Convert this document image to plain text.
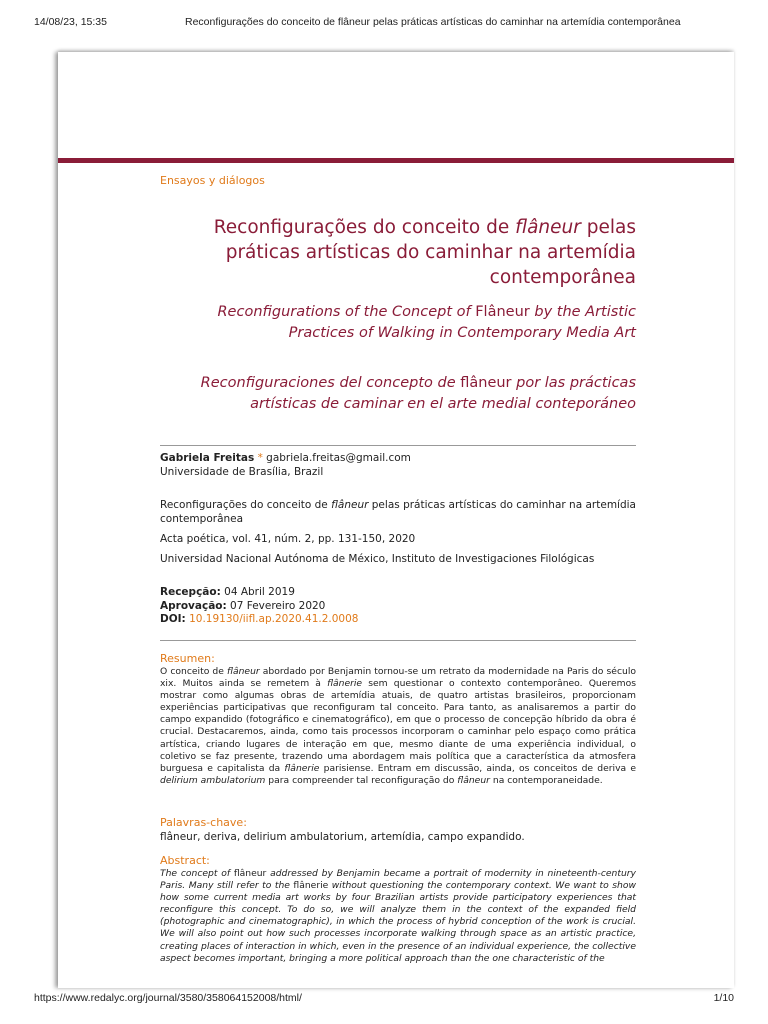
14/08/23, 15:35	Reconfigurações do conceito de flâneur pelas práticas artísticas do caminhar na artemídia contemporânea
Ensayos y diálogos
Reconfigurações do conceito de flâneur pelas práticas artísticas do caminhar na artemídia contemporânea
Reconfigurations of the Concept of Flâneur by the Artistic Practices of Walking in Contemporary Media Art
Reconfiguraciones del concepto de flâneur por las prácticas artísticas de caminar en el arte medial conteporáneo
Gabriela Freitas * gabriela.freitas@gmail.com
Universidade de Brasília, Brazil

Reconfigurações do conceito de flâneur pelas práticas artísticas do caminhar na artemídia contemporânea

Acta poética, vol. 41, núm. 2, pp. 131-150, 2020

Universidad Nacional Autónoma de México, Instituto de Investigaciones Filológicas

Recepção: 04 Abril 2019
Aprovação: 07 Fevereiro 2020
DOI: 10.19130/iifl.ap.2020.41.2.0008
Resumen:
O conceito de flâneur abordado por Benjamin tornou-se um retrato da modernidade na Paris do século xix. Muitos ainda se remetem à flânerie sem questionar o contexto contemporâneo. Queremos mostrar como algumas obras de artemídia atuais, de quatro artistas brasileiros, proporcionam experiências participativas que reconfiguram tal conceito. Para tanto, as analisaremos a partir do campo expandido (fotográfico e cinematográfico), em que o processo de concepção híbrido da obra é crucial. Destacaremos, ainda, como tais processos incorporam o caminhar pelo espaço como prática artística, criando lugares de interação em que, mesmo diante de uma experiência individual, o coletivo se faz presente, trazendo uma abordagem mais política que a característica da atmosfera burguesa e capitalista da flânerie parisiense. Entram em discussão, ainda, os conceitos de deriva e delirium ambulatorium para compreender tal reconfiguração do flâneur na contemporaneidade.
Palavras-chave:
flâneur, deriva, delirium ambulatorium, artemídia, campo expandido.
Abstract:
The concept of flâneur addressed by Benjamin became a portrait of modernity in nineteenth-century Paris. Many still refer to the flânerie without questioning the contemporary context. We want to show how some current media art works by four Brazilian artists provide participatory experiences that reconfigure this concept. To do so, we will analyze them in the context of the expanded field (photographic and cinematographic), in which the process of hybrid conception of the work is crucial. We will also point out how such processes incorporate walking through space as an artistic practice, creating places of interaction in which, even in the presence of an individual experience, the collective aspect becomes important, bringing a more political approach than the one characteristic of the
https://www.redalyc.org/journal/3580/358064152008/html/	1/10
